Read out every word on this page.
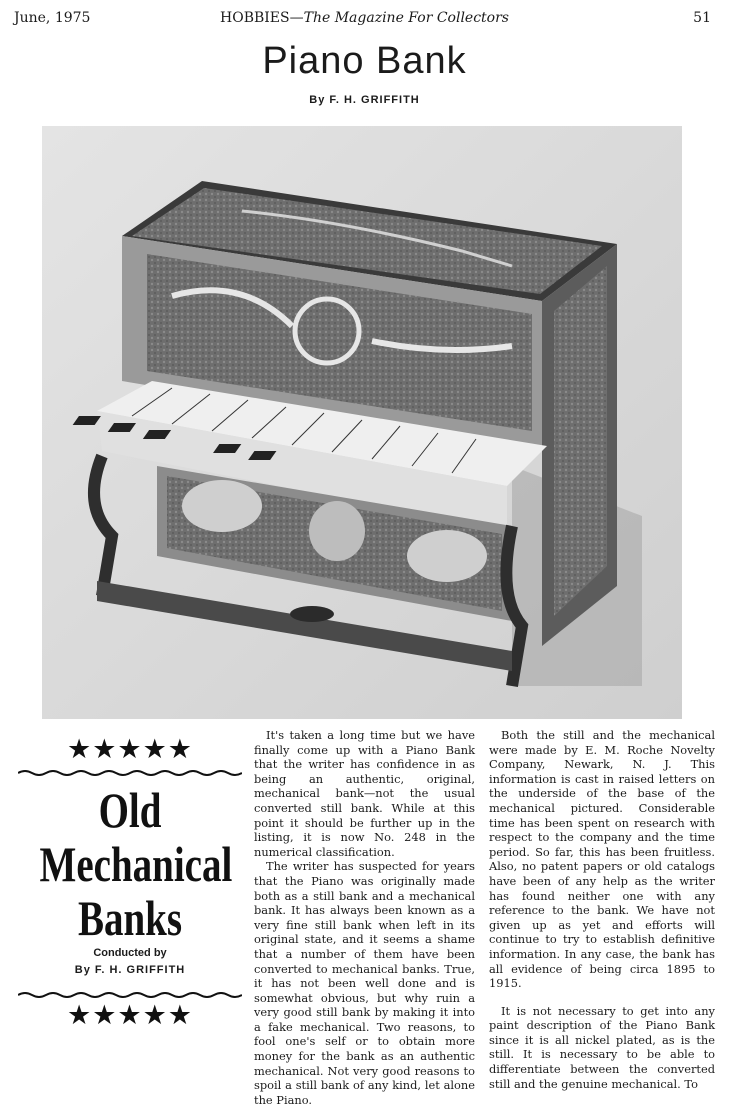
June, 1975	HOBBIES—The Magazine For Collectors	51
Piano Bank
By F. H. GRIFFITH
★★★★★
Old
Mechanical
Banks
Conducted by
By F. H. GRIFFITH
★★★★★

It's taken a long time but we have finally come up with a Piano Bank that the writer has confidence in as being an authentic, original, mechanical bank—not the usual converted still bank. While at this point it should be further up in the listing, it is now No. 248 in the numerical classification.

The writer has suspected for years that the Piano was originally made both as a still bank and a mechanical bank. It has always been known as a very fine still bank when left in its original state, and it seems a shame that a number of them have been converted to mechanical banks. True, it has not been well done and is somewhat obvious, but why ruin a very good still bank by making it into a fake mechanical. Two reasons, to fool one's self or to obtain more money for the bank as an authentic mechanical. Not very good reasons to spoil a still bank of any kind, let alone the Piano.

Both the still and the mechanical were made by E. M. Roche Novelty Company, Newark, N. J. This information is cast in raised letters on the underside of the base of the mechanical pictured. Considerable time has been spent on research with respect to the company and the time period. So far, this has been fruitless. Also, no patent papers or old catalogs have been of any help as the writer has found neither one with any reference to the bank. We have not given up as yet and efforts will continue to try to establish definitive information. In any case, the bank has all evidence of being circa 1895 to 1915.

It is not necessary to get into any paint description of the Piano Bank since it is all nickel plated, as is the still. It is necessary to be able to differentiate between the converted still and the genuine mechanical. To
